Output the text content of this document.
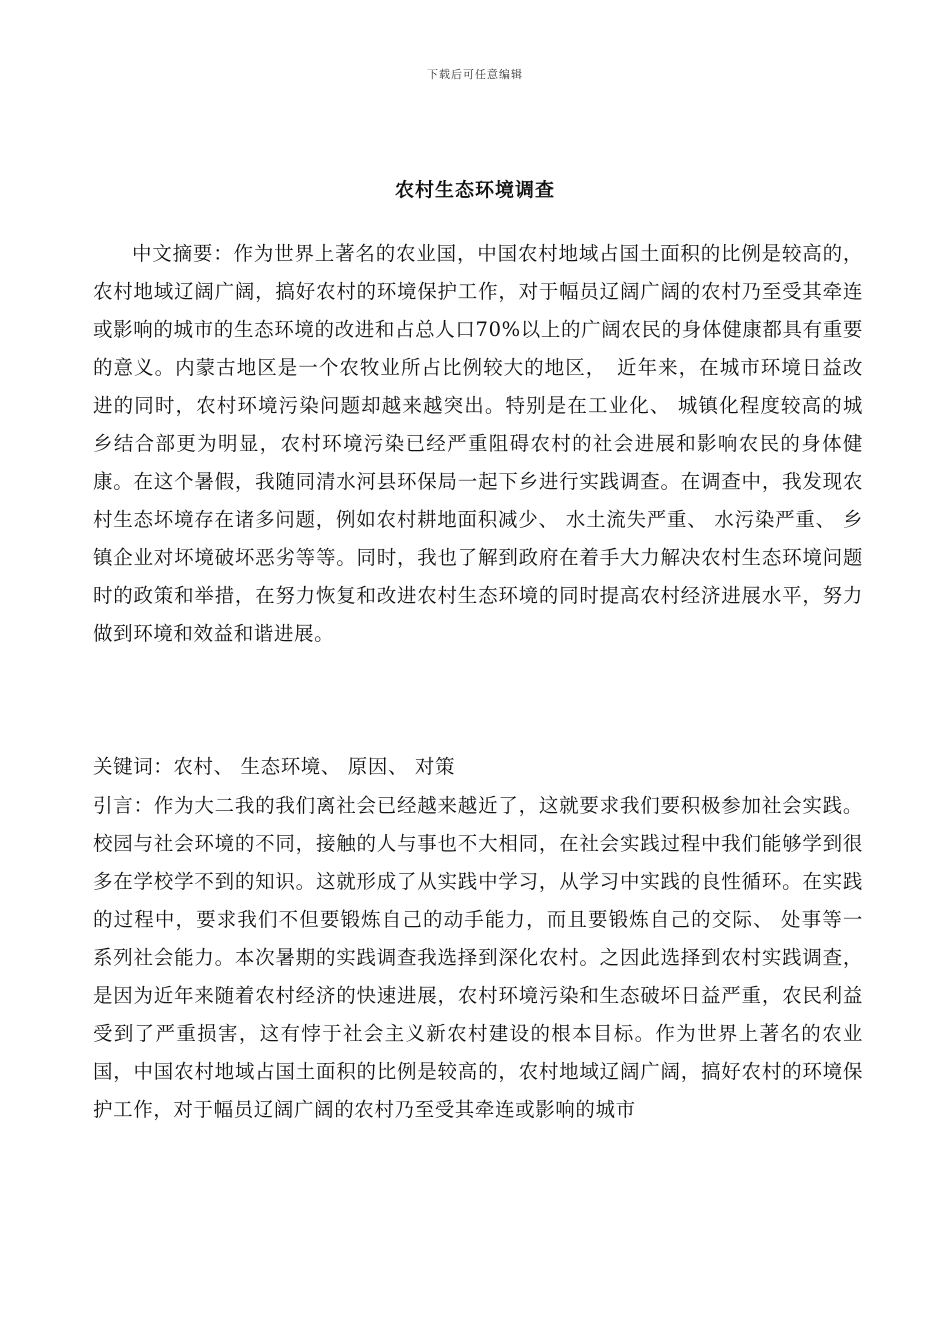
下载后可任意编辑
农村生态环境调查

中文摘要：作为世界上著名的农业国，中国农村地域占国土面积的比例是较高的，农村地域辽阔广阔，搞好农村的环境保护工作，对于幅员辽阔广阔的农村乃至受其牵连或影响的城市的生态环境的改进和占总人口70%以上的广阔农民的身体健康都具有重要的意义。内蒙古地区是一个农牧业所占比例较大的地区，　近年来，在城市环境日益改进的同时，农村环境污染问题却越来越突出。特别是在工业化、 城镇化程度较高的城乡结合部更为明显，农村环境污染已经严重阻碍农村的社会进展和影响农民的身体健康。在这个暑假，我随同清水河县环保局一起下乡进行实践调查。在调查中，我发现农村生态坏境存在诸多问题，例如农村耕地面积减少、 水土流失严重、 水污染严重、 乡镇企业对坏境破坏恶劣等等。同时，我也了解到政府在着手大力解决农村生态环境问题时的政策和举措，在努力恢复和改进农村生态环境的同时提高农村经济进展水平，努力做到环境和效益和谐进展。

关键词：农村、 生态环境、 原因、 对策

引言：作为大二我的我们离社会已经越来越近了，这就要求我们要积极参加社会实践。校园与社会环境的不同，接触的人与事也不大相同，在社会实践过程中我们能够学到很多在学校学不到的知识。这就形成了从实践中学习，从学习中实践的良性循环。在实践的过程中，要求我们不但要锻炼自己的动手能力，而且要锻炼自己的交际、 处事等一系列社会能力。本次暑期的实践调查我选择到深化农村。之因此选择到农村实践调查，是因为近年来随着农村经济的快速进展，农村环境污染和生态破坏日益严重，农民利益受到了严重损害，这有悖于社会主义新农村建设的根本目标。作为世界上著名的农业国，中国农村地域占国土面积的比例是较高的，农村地域辽阔广阔，搞好农村的环境保护工作，对于幅员辽阔广阔的农村乃至受其牵连或影响的城市
